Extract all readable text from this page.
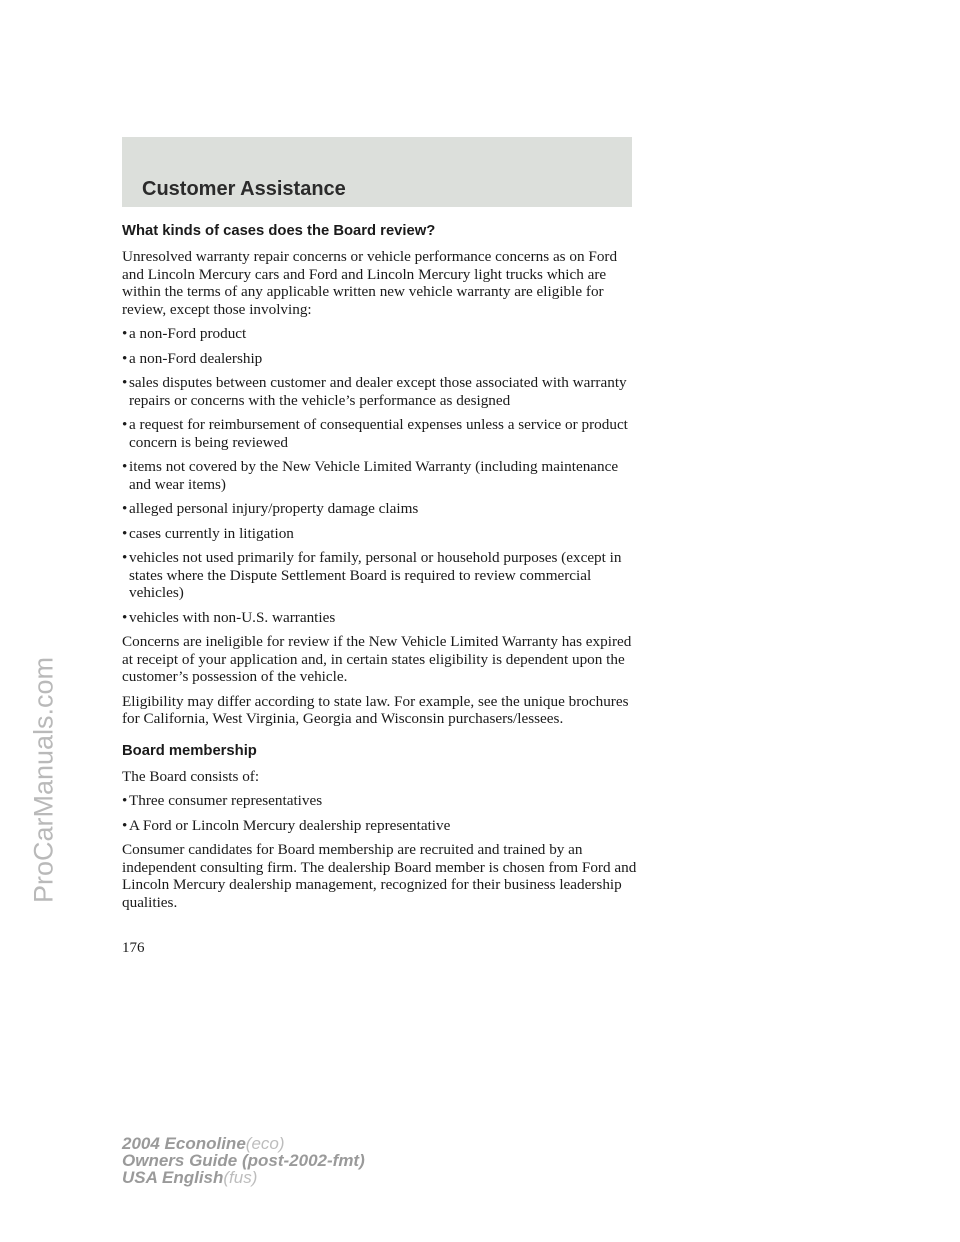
Customer Assistance
ProCarManuals.com
What kinds of cases does the Board review?

Unresolved warranty repair concerns or vehicle performance concerns as on Ford and Lincoln Mercury cars and Ford and Lincoln Mercury light trucks which are within the terms of any applicable written new vehicle warranty are eligible for review, except those involving:

• a non-Ford product
• a non-Ford dealership
• sales disputes between customer and dealer except those associated with warranty repairs or concerns with the vehicle’s performance as designed
• a request for reimbursement of consequential expenses unless a service or product concern is being reviewed
• items not covered by the New Vehicle Limited Warranty (including maintenance and wear items)
• alleged personal injury/property damage claims
• cases currently in litigation
• vehicles not used primarily for family, personal or household purposes (except in states where the Dispute Settlement Board is required to review commercial vehicles)
• vehicles with non-U.S. warranties

Concerns are ineligible for review if the New Vehicle Limited Warranty has expired at receipt of your application and, in certain states eligibility is dependent upon the customer’s possession of the vehicle.

Eligibility may differ according to state law. For example, see the unique brochures for California, West Virginia, Georgia and Wisconsin purchasers/lessees.

Board membership

The Board consists of:

• Three consumer representatives
• A Ford or Lincoln Mercury dealership representative

Consumer candidates for Board membership are recruited and trained by an independent consulting firm. The dealership Board member is chosen from Ford and Lincoln Mercury dealership management, recognized for their business leadership qualities.

176
2004 Econoline(eco)
Owners Guide (post-2002-fmt)
USA English(fus)
